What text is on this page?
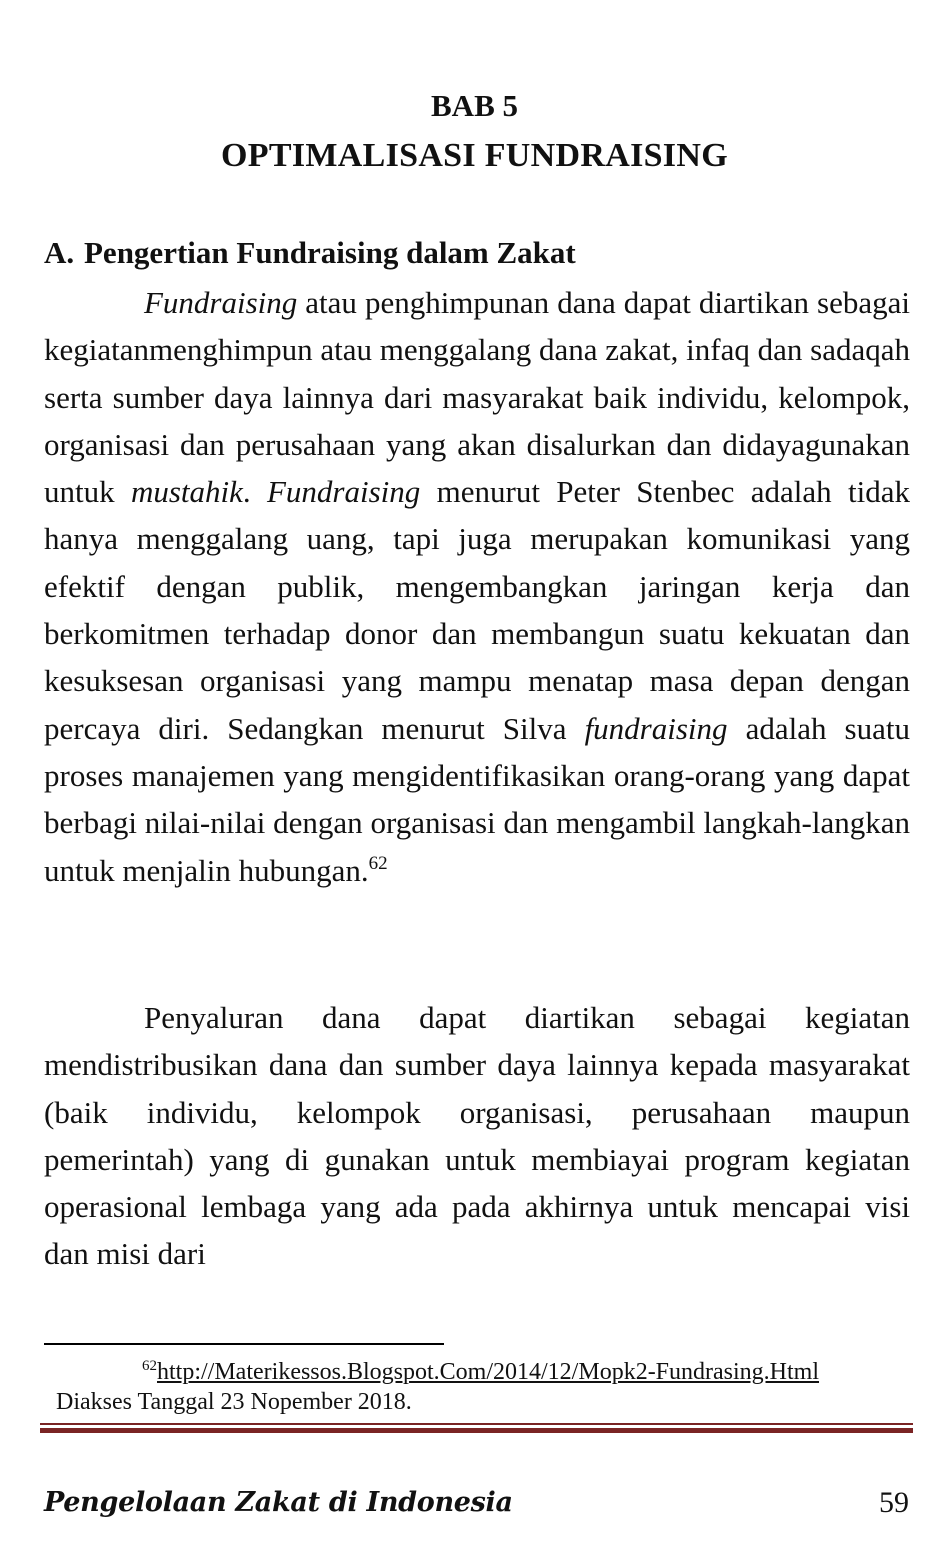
BAB 5
OPTIMALISASI FUNDRAISING
A. Pengertian Fundraising dalam Zakat

Fundraising atau penghimpunan dana dapat diartikan sebagai kegiatanmenghimpun atau menggalang dana zakat, infaq dan sadaqah serta sumber daya lainnya dari masyarakat baik individu, kelompok, organisasi dan perusahaan yang akan disalurkan dan didayagunakan untuk mustahik. Fundraising menurut Peter Stenbec adalah tidak hanya menggalang uang, tapi juga merupakan komunikasi yang efektif dengan publik, mengembangkan jaringan kerja dan berkomitmen terhadap donor dan membangun suatu kekuatan dan kesuksesan organisasi yang mampu menatap masa depan dengan percaya diri. Sedangkan menurut Silva fundraising adalah suatu proses manajemen yang mengidentifikasikan orang-orang yang dapat berbagi nilai-nilai dengan organisasi dan mengambil langkah-langkan untuk menjalin hubungan.$^{62}$

Penyaluran dana dapat diartikan sebagai kegiatan mendistribusikan dana dan sumber daya lainnya kepada masyarakat (baik individu, kelompok organisasi, perusahaan maupun pemerintah) yang di gunakan untuk membiayai program kegiatan operasional lembaga yang ada pada akhirnya untuk mencapai visi dan misi dari

$^{62}$http://Materikessos.Blogspot.Com/2014/12/Mopk2-Fundrasing.Html  Diakses Tanggal 23 Nopember 2018.

Pengelolaan Zakat di Indonesia	59
